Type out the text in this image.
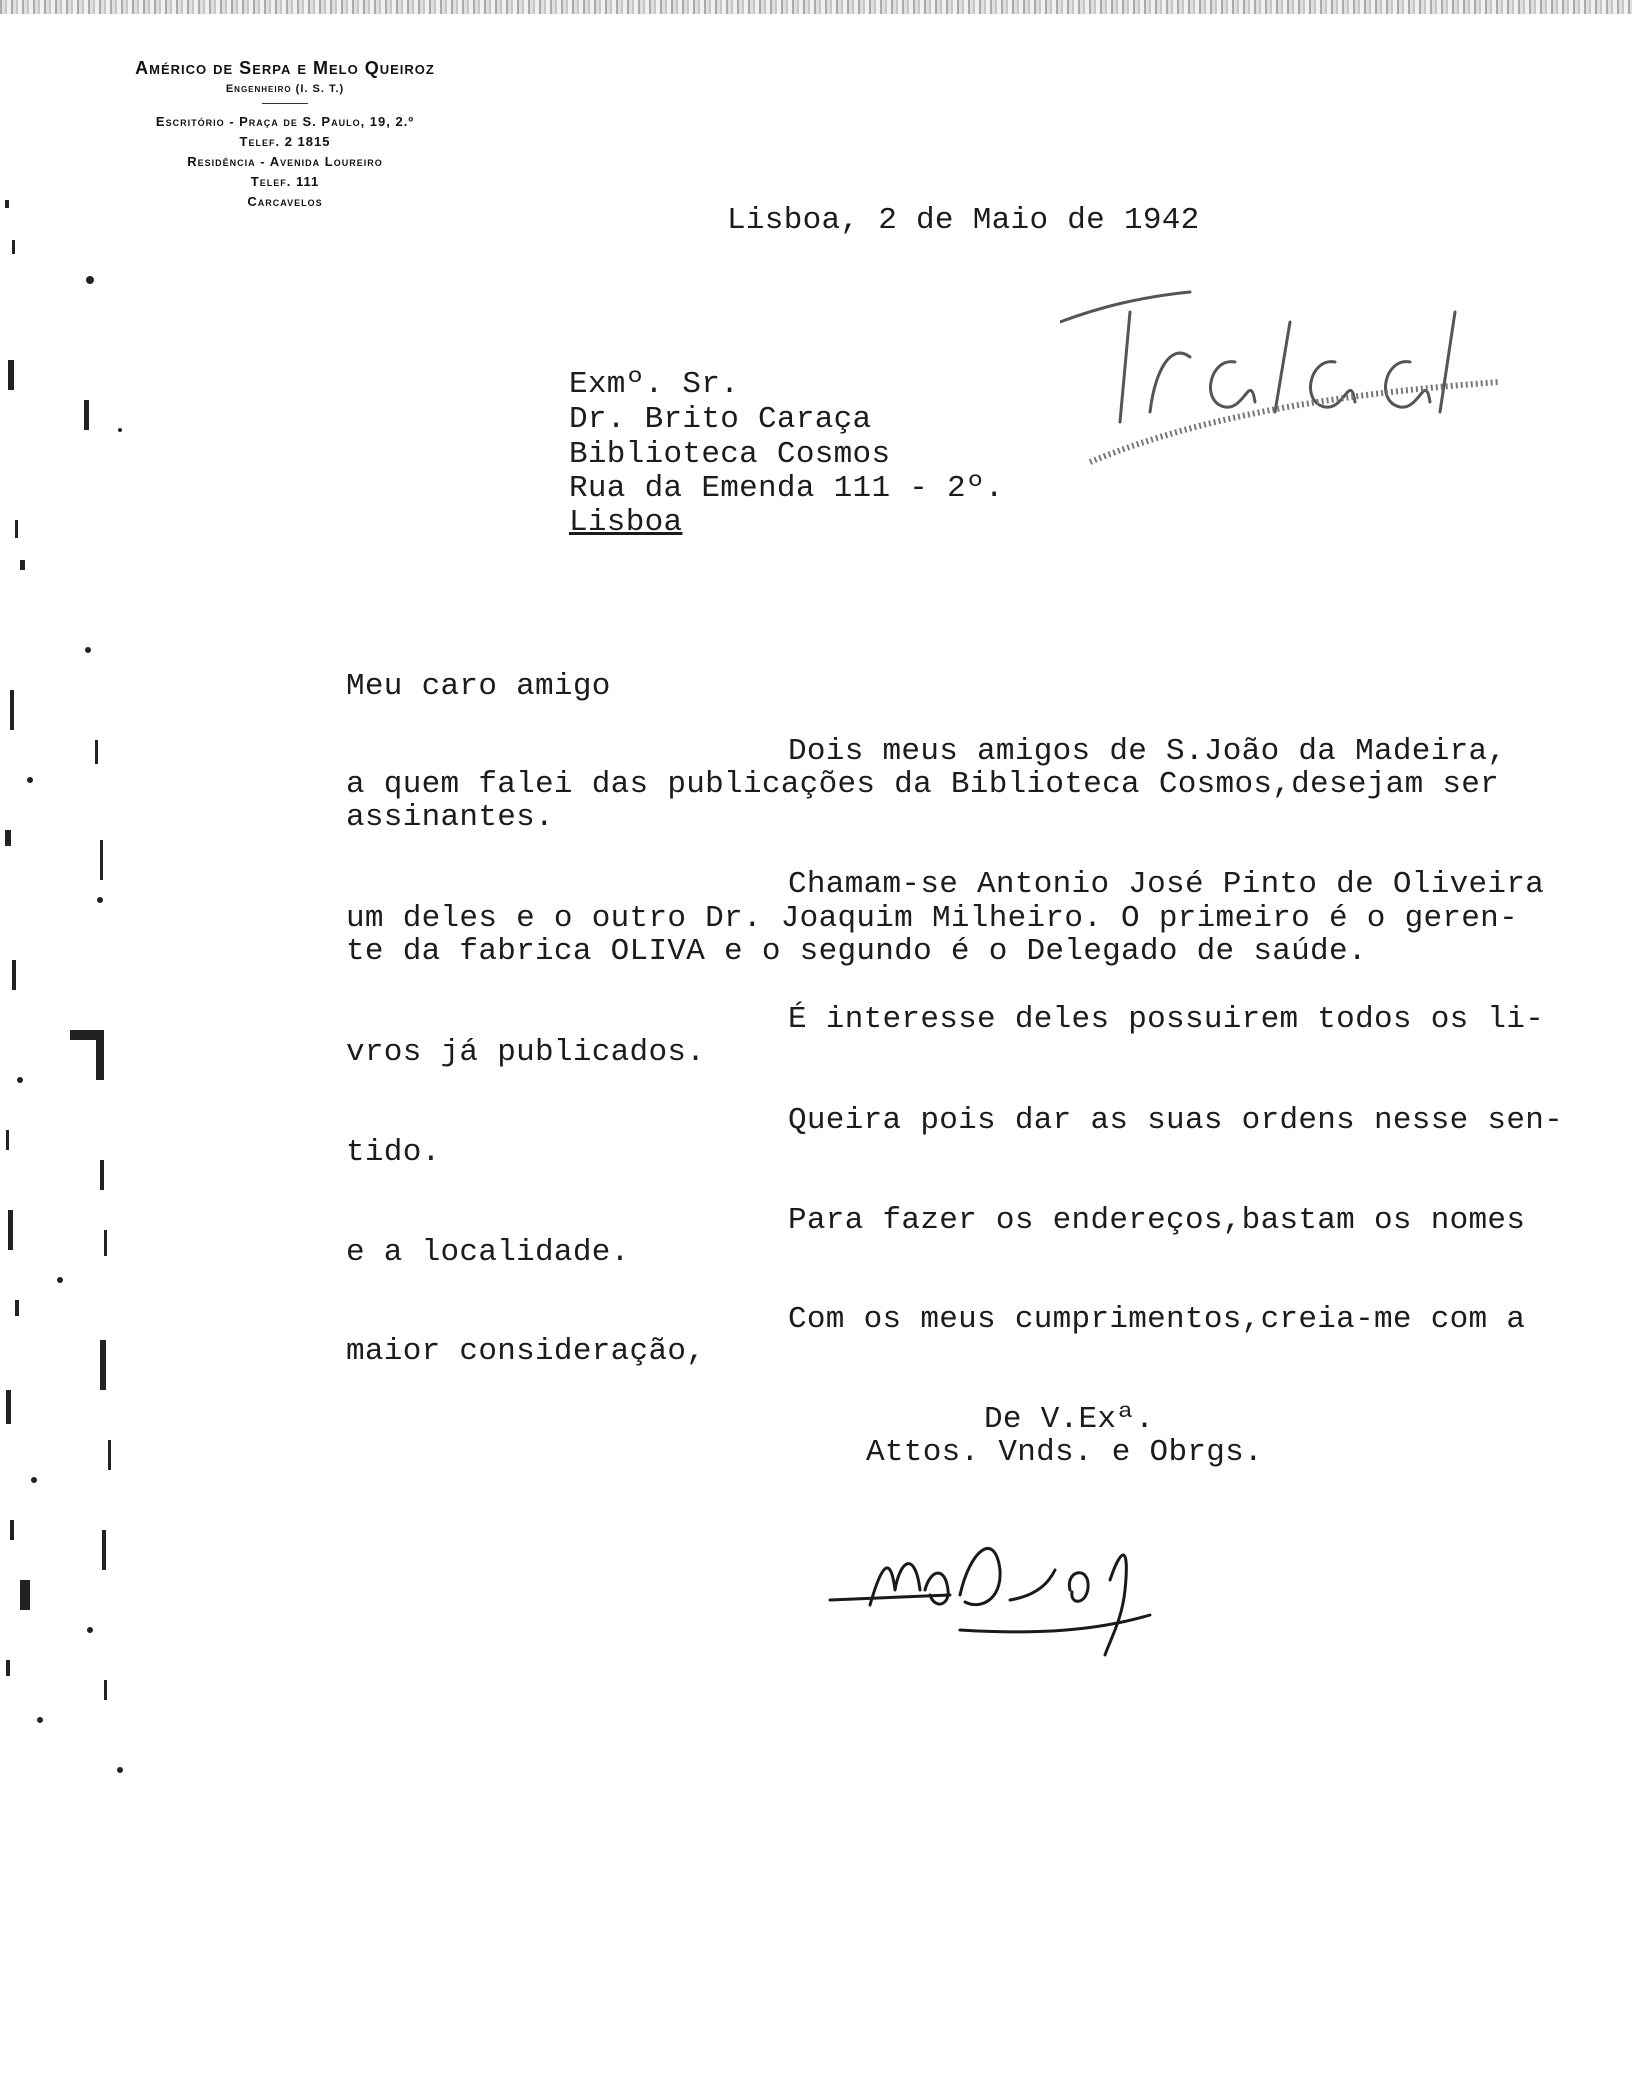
Américo de Serpa e Melo Queiroz
Engenheiro (I. S. T.)
Escritório - Praça de S. Paulo, 19, 2.º
Telef. 2 1815
Residência - Avenida Loureiro
Telef. 111
Carcavelos
Lisboa, 2 de Maio de 1942
Exmº. Sr.
Dr. Brito Caraça
Biblioteca Cosmos
Rua da Emenda 111 - 2º.
Lisboa
Meu caro amigo
Dois meus amigos de S.João da Madeira,
a quem falei das publicações da Biblioteca Cosmos,desejam ser
assinantes.
Chamam-se Antonio José Pinto de Oliveira
um deles e o outro Dr. Joaquim Milheiro. O primeiro é o geren-
te da fabrica OLIVA e o segundo é o Delegado de saúde.
É interesse deles possuirem todos os li-
vros já publicados.
Queira pois dar as suas ordens nesse sen-
tido.
Para fazer os endereços,bastam os nomes
e a localidade.
Com os meus cumprimentos,creia-me com a
maior consideração,
De V.Exª.
Attos. Vnds. e Obrgs.
